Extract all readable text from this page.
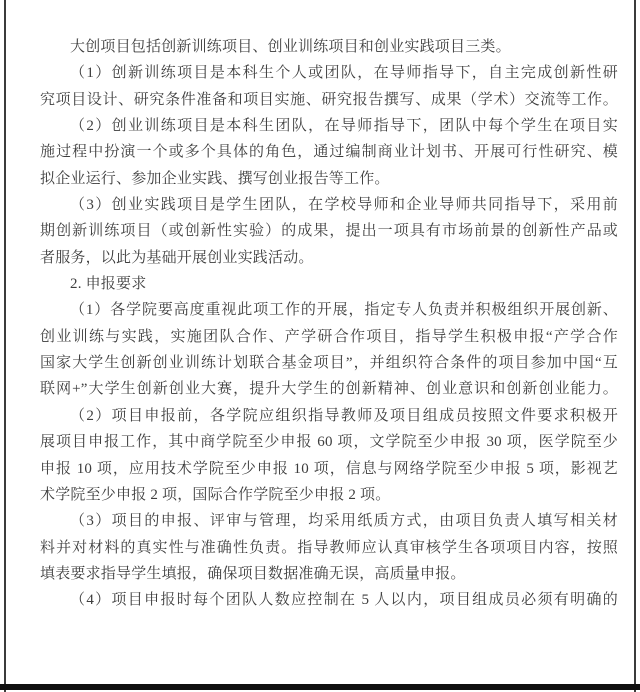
大创项目包括创新训练项目、创业训练项目和创业实践项目三类。
（1）创新训练项目是本科生个人或团队，在导师指导下，自主完成创新性研
究项目设计、研究条件准备和项目实施、研究报告撰写、成果（学术）交流等工作。
（2）创业训练项目是本科生团队，在导师指导下，团队中每个学生在项目实
施过程中扮演一个或多个具体的角色，通过编制商业计划书、开展可行性研究、模
拟企业运行、参加企业实践、撰写创业报告等工作。
（3）创业实践项目是学生团队，在学校导师和企业导师共同指导下，采用前
期创新训练项目（或创新性实验）的成果，提出一项具有市场前景的创新性产品或
者服务，以此为基础开展创业实践活动。
2. 申报要求
（1）各学院要高度重视此项工作的开展，指定专人负责并积极组织开展创新、
创业训练与实践，实施团队合作、产学研合作项目，指导学生积极申报“产学合作
国家大学生创新创业训练计划联合基金项目”，并组织符合条件的项目参加中国“互
联网+”大学生创新创业大赛，提升大学生的创新精神、创业意识和创新创业能力。
（2）项目申报前，各学院应组织指导教师及项目组成员按照文件要求积极开
展项目申报工作，其中商学院至少申报 60 项，文学院至少申报 30 项，医学院至少
申报 10 项，应用技术学院至少申报 10 项，信息与网络学院至少申报 5 项，影视艺
术学院至少申报 2 项，国际合作学院至少申报 2 项。
（3）项目的申报、评审与管理，均采用纸质方式，由项目负责人填写相关材
料并对材料的真实性与准确性负责。指导教师应认真审核学生各项项目内容，按照
填表要求指导学生填报，确保项目数据准确无误，高质量申报。
（4）项目申报时每个团队人数应控制在 5 人以内，项目组成员必须有明确的
